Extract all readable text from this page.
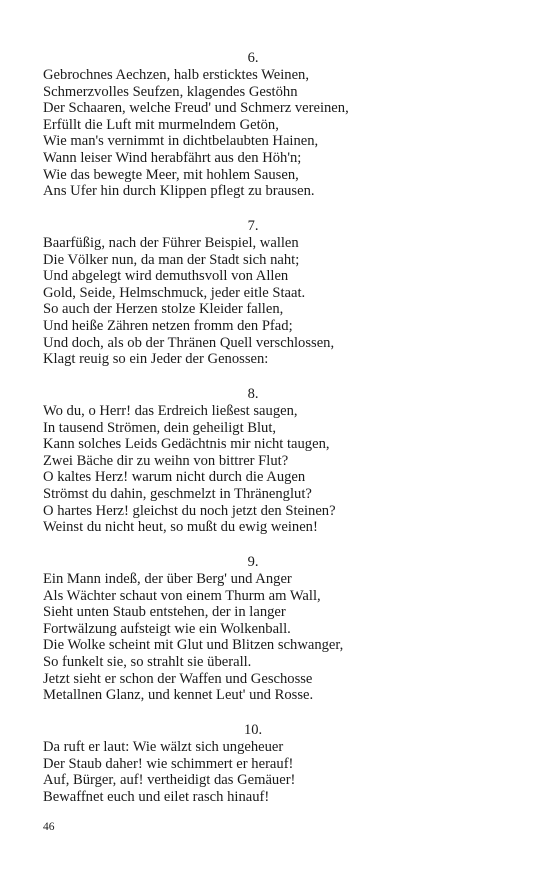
6.
Gebrochnes Aechzen, halb ersticktes Weinen,
Schmerzvolles Seufzen, klagendes Gestöhn
Der Schaaren, welche Freud' und Schmerz vereinen,
Erfüllt die Luft mit murmelndem Getön,
Wie man's vernimmt in dichtbelaubten Hainen,
Wann leiser Wind herabfährt aus den Höh'n;
Wie das bewegte Meer, mit hohlem Sausen,
Ans Ufer hin durch Klippen pflegt zu brausen.
7.
Baarfüßig, nach der Führer Beispiel, wallen
Die Völker nun, da man der Stadt sich naht;
Und abgelegt wird demuthsvoll von Allen
Gold, Seide, Helmschmuck, jeder eitle Staat.
So auch der Herzen stolze Kleider fallen,
Und heiße Zähren netzen fromm den Pfad;
Und doch, als ob der Thränen Quell verschlossen,
Klagt reuig so ein Jeder der Genossen:
8.
Wo du, o Herr! das Erdreich ließest saugen,
In tausend Strömen, dein geheiligt Blut,
Kann solches Leids Gedächtnis mir nicht taugen,
Zwei Bäche dir zu weihn von bittrer Flut?
O kaltes Herz! warum nicht durch die Augen
Strömst du dahin, geschmelzt in Thränenglut?
O hartes Herz! gleichst du noch jetzt den Steinen?
Weinst du nicht heut, so mußt du ewig weinen!
9.
Ein Mann indeß, der über Berg' und Anger
Als Wächter schaut von einem Thurm am Wall,
Sieht unten Staub entstehen, der in langer
Fortwälzung aufsteigt wie ein Wolkenball.
Die Wolke scheint mit Glut und Blitzen schwanger,
So funkelt sie, so strahlt sie überall.
Jetzt sieht er schon der Waffen und Geschosse
Metallnen Glanz, und kennet Leut' und Rosse.
10.
Da ruft er laut: Wie wälzt sich ungeheuer
Der Staub daher! wie schimmert er herauf!
Auf, Bürger, auf! vertheidigt das Gemäuer!
Bewaffnet euch und eilet rasch hinauf!
46
